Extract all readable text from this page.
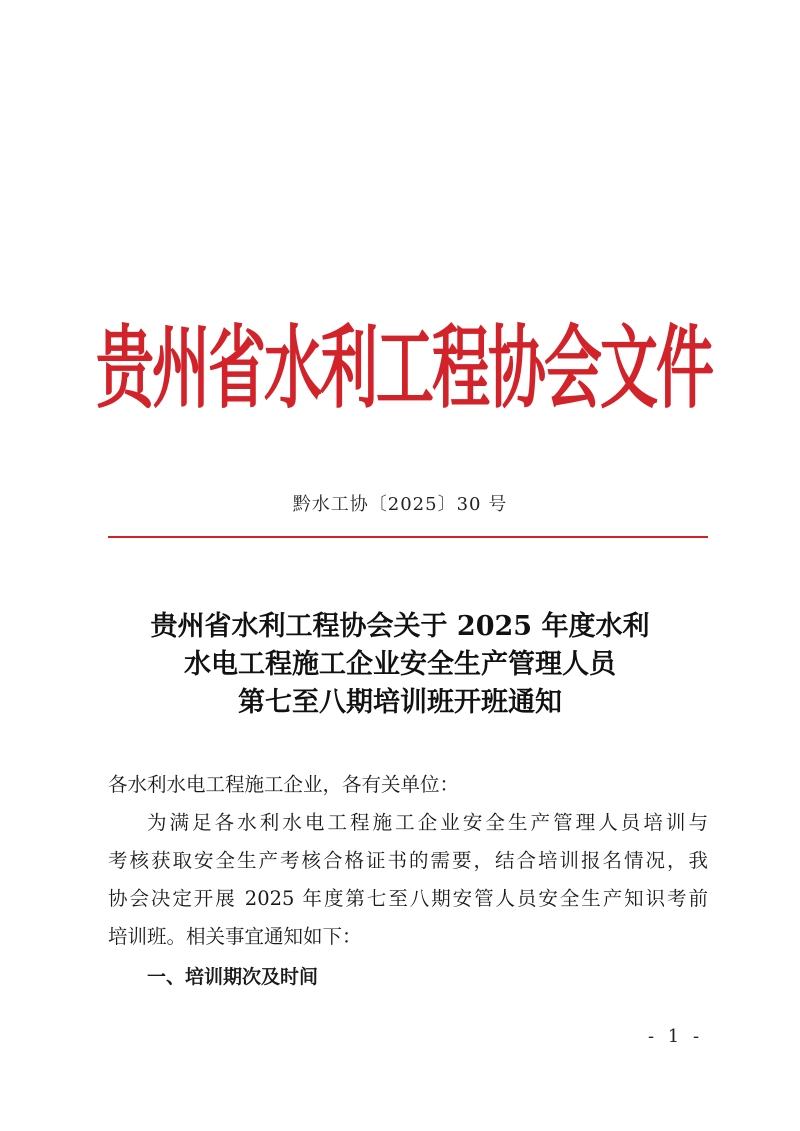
贵
州
省
水
利
工
程
协
会
文
件
黔水工协〔2025〕30 号
贵州省水利工程协会关于 2025 年度水利
水电工程施工企业安全生产管理人员
第七至八期培训班开班通知

各水利水电工程施工企业，各有关单位：

为满足各水利水电工程施工企业安全生产管理人员培训与
考核获取安全生产考核合格证书的需要，结合培训报名情况，我
协会决定开展 2025 年度第七至八期安管人员安全生产知识考前
培训班。相关事宜通知如下：

一、培训期次及时间

- 1 -
